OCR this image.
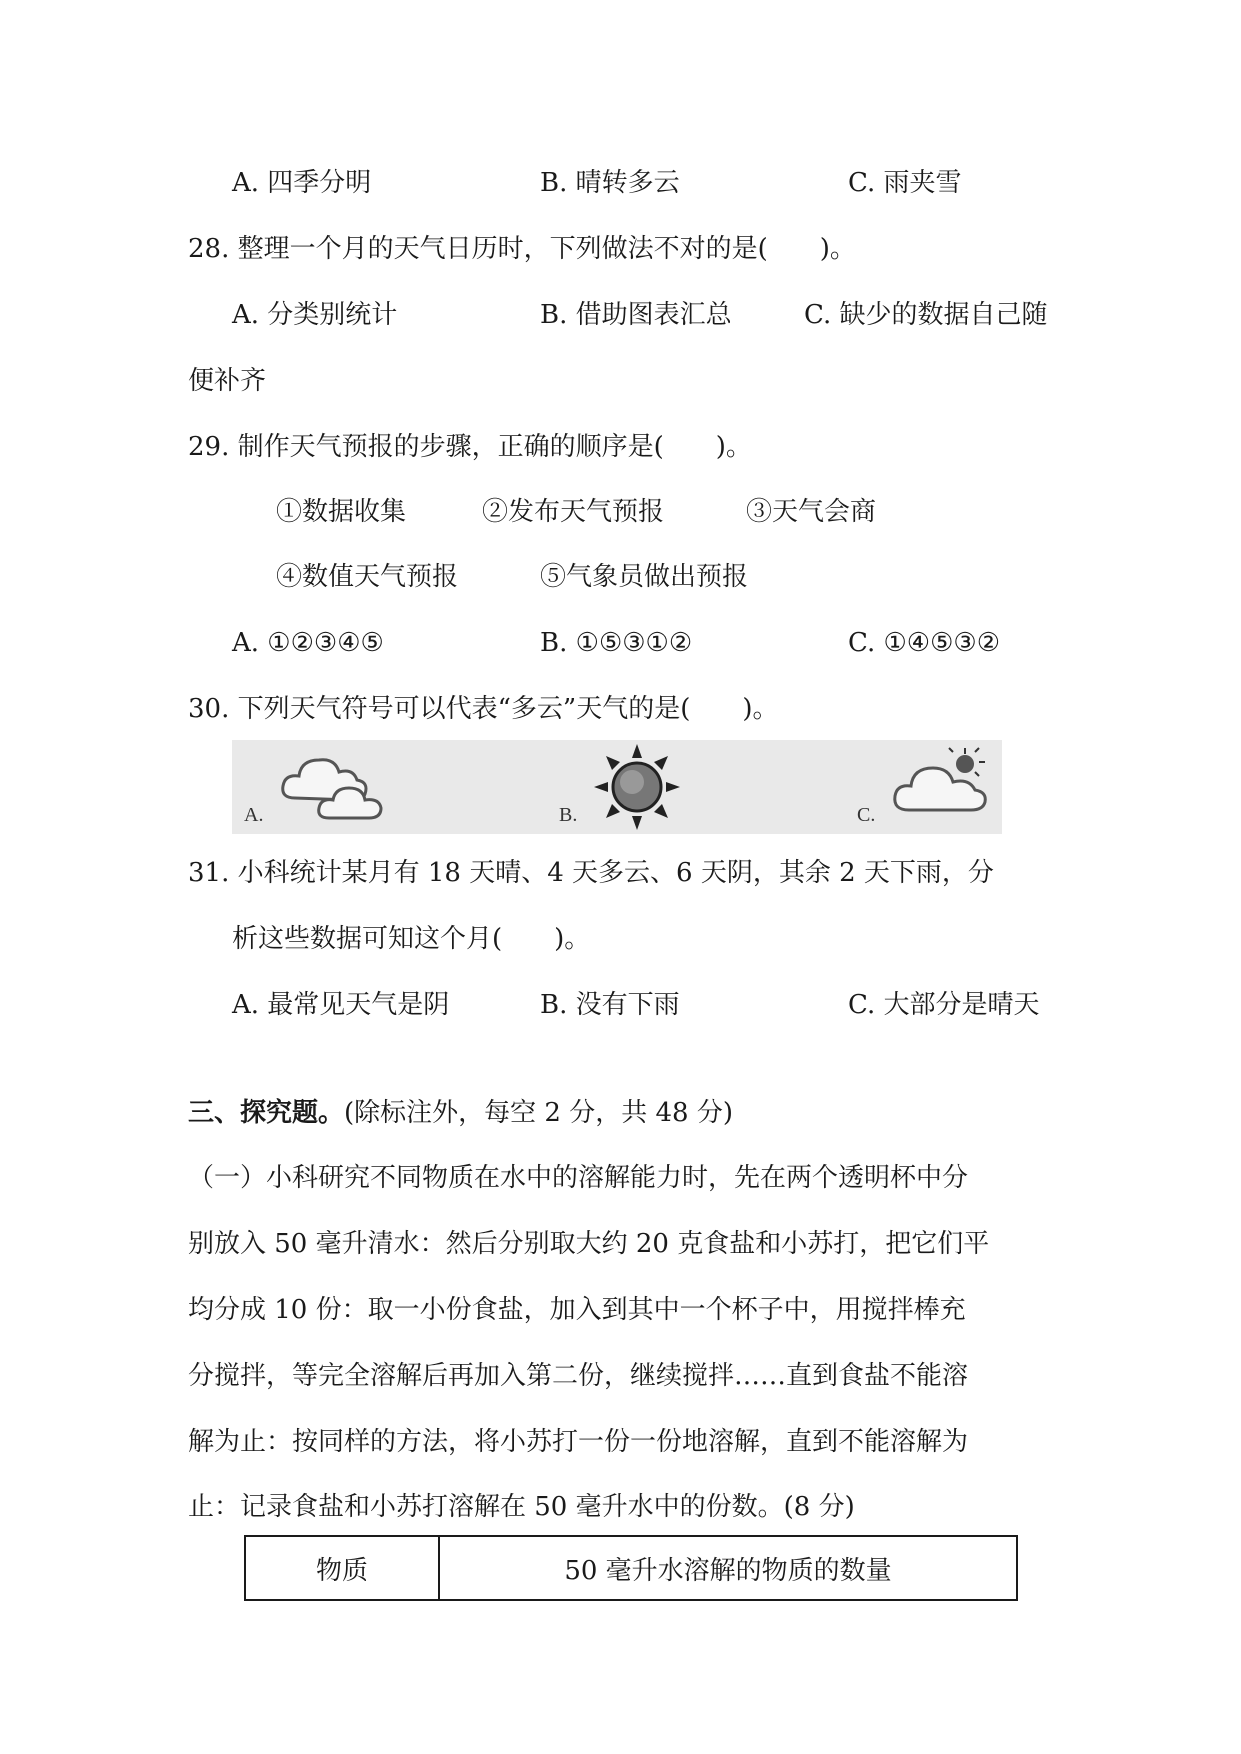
A. 四季分明	B. 晴转多云	C. 雨夹雪
28. 整理一个月的天气日历时，下列做法不对的是(　　)。
A. 分类别统计	B. 借助图表汇总	C. 缺少的数据自己随
便补齐
29. 制作天气预报的步骤，正确的顺序是(　　)。
①数据收集	②发布天气预报	③天气会商
④数值天气预报	⑤气象员做出预报
A. ①②③④⑤	B. ①⑤③①②	C. ①④⑤③②
30. 下列天气符号可以代表“多云”天气的是(　　)。
A.	B.	C.
31. 小科统计某月有 18 天晴、4 天多云、6 天阴，其余 2 天下雨，分
析这些数据可知这个月(　　)。
A. 最常见天气是阴	B. 没有下雨	C. 大部分是晴天
三、探究题。(除标注外，每空 2 分，共 48 分)
（一）小科研究不同物质在水中的溶解能力时，先在两个透明杯中分
别放入 50 毫升清水：然后分别取大约 20 克食盐和小苏打，把它们平
均分成 10 份：取一小份食盐，加入到其中一个杯子中，用搅拌棒充
分搅拌，等完全溶解后再加入第二份，继续搅拌……直到食盐不能溶
解为止：按同样的方法，将小苏打一份一份地溶解，直到不能溶解为
止：记录食盐和小苏打溶解在 50 毫升水中的份数。(8 分)
物质	50 毫升水溶解的物质的数量
